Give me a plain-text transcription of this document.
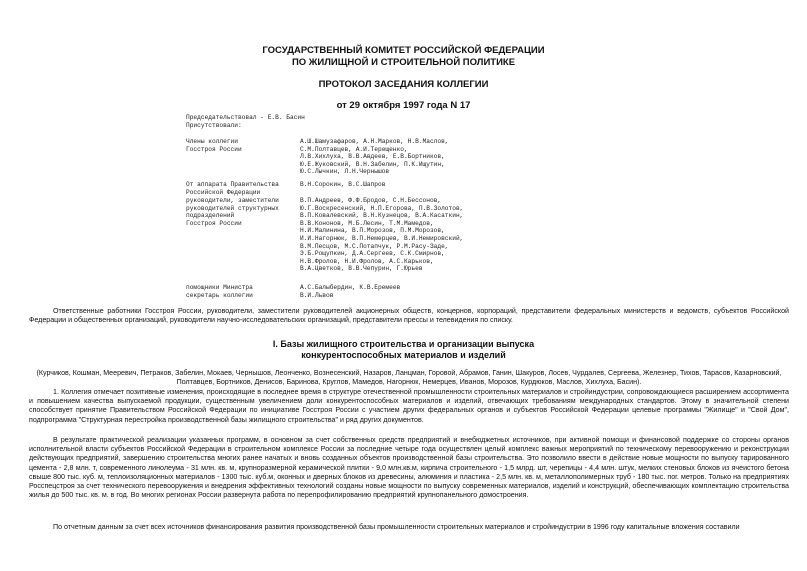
ГОСУДАРСТВЕННЫЙ КОМИТЕТ РОССИЙСКОЙ ФЕДЕРАЦИИ
ПО ЖИЛИЩНОЙ И СТРОИТЕЛЬНОЙ ПОЛИТИКЕ
ПРОТОКОЛ ЗАСЕДАНИЯ КОЛЛЕГИИ
от 29 октября 1997 года N 17
Председательствовал - Е.В. Басин
Присутствовали:
Члены коллегии
Госстроя России
А.Ш.Шамузафаров, А.Н.Марков, Н.В.Маслов,
С.М.Полтавцев, А.И.Терещенко,
Л.В.Хихлуха, В.В.Авдеев, Е.В.Бортников,
Ю.Е.Жуковский, В.Н.Забелин, П.К.Ищутин,
Ю.С.Лычкин, Л.Н.Чернышов
От аппарата Правительства
Российской Федерации
В.Н.Сорокин, В.С.Шапров
руководители, заместители
руководителей структурных
подразделений
Госстроя России
В.П.Андреев, Ф.Ф.Бродов, С.Н.Бессонов,
Ю.Г.Воскресенский, Н.П.Егорова, П.В.Золотов,
В.П.Ковалевский, В.Н.Кузнецов, В.А.Касаткин,
В.В.Кононов, М.Б.Лесин, Т.М.Мамедов,
Н.И.Малинина, В.П.Морозов, П.М.Морозов,
И.И.Нагорнюк, В.П.Немерцев, В.И.Немировский,
В.М.Песцов, М.С.Потапчук, Р.М.Расу-Заде,
Э.Б.Рощупкин, Д.А.Сергеев, С.К.Смирнов,
Н.В.Фролов, Н.И.Фролов, А.С.Карьков,
В.А.Цветков, В.В.Чепурин, Г.Юрьев
помощники Министра
секретарь коллегии
А.С.Балыбердин, К.В.Еремеев
В.И.Львов
Ответственные работники Госстроя России, руководители, заместители руководителей акционерных обществ, концернов, корпораций, представители федеральных министерств и ведомств, субъектов Российской Федерации и общественных организаций, руководители научно-исследовательских организаций, представители прессы и телевидения по списку.
I. Базы жилищного строительства и организации выпуска
конкурентоспособных материалов и изделий
(Курчиков, Кошман, Мееревич, Петраков, Забелин, Мокаев, Чернышов, Леонченко, Вознесенский, Назаров, Ланцман, Горовой, Абрамов, Ганин, Шакуров, Лосев, Чурдалев, Сергеева, Железнер, Тихов, Тарасов, Казарновский, Полтавцев, Бортников, Денисов, Баринова, Круглов, Мамедов, Нагорнюк, Немерцев, Иванов, Морозов, Курдюков, Маслов, Хихлуха, Басин).
1. Коллегия отмечает позитивные изменения, происходящие в последнее время в структуре отечественной промышленности строительных материалов и стройиндустрии, сопровождающиеся расширением ассортимента и повышением качества выпускаемой продукции, существенным увеличением доли конкурентоспособных материалов и изделий, отвечающих требованиям международных стандартов. Этому в значительной степени способствует принятие Правительством Российской Федерации по инициативе Госстроя России с участием других федеральных органов и субъектов Российской Федерации целевые программы "Жилище" и "Свой Дом", подпрограмма "Структурная перестройка производственной базы жилищного строительства" и ряд других документов.
В результате практической реализации указанных программ, в основном за счет собственных средств предприятий и внебюджетных источников, при активной помощи и финансовой поддержке со стороны органов исполнительной власти субъектов Российской Федерации в строительном комплексе России за последние четыре года осуществлен целый комплекс важных мероприятий по техническому перевооружению и реконструкции действующих предприятий, завершению строительства многих ранее начатых и вновь созданных объектов производственной базы строительства. Это позволило ввести в действие новые мощности по выпуску тарированного цемента - 2,8 млн. т, современного линолеума - 31 млн. кв. м, крупноразмерной керамической плитки - 9,0 млн.кв.м, кирпича строительного - 1,5 млрд. шт, черепицы - 4,4 млн. штук, мелких стеновых блоков из ячеистого бетона свыше 800 тыс. куб. м, теплоизоляционных материалов - 1300 тыс. куб.м, оконных и дверных блоков из древесины, алюминия и пластика - 2,5 млн. кв. м, металлополимерных труб - 180 тыс. пог. метров. Только на предприятиях Росспецстроя за счет технического перевооружения и внедрения эффективных технологий созданы новые мощности по выпуску современных материалов, изделий и конструкций, обеспечивающих комплектацию строительства жилья до 500 тыс. кв. м. в год. Во многих регионах России развернута работа по перепрофилированию предприятий крупнопанельного домостроения.
По отчетным данным за счет всех источников финансирования развития производственной базы промышленности строительных материалов и стройиндустрии в 1996 году капитальные вложения составили
